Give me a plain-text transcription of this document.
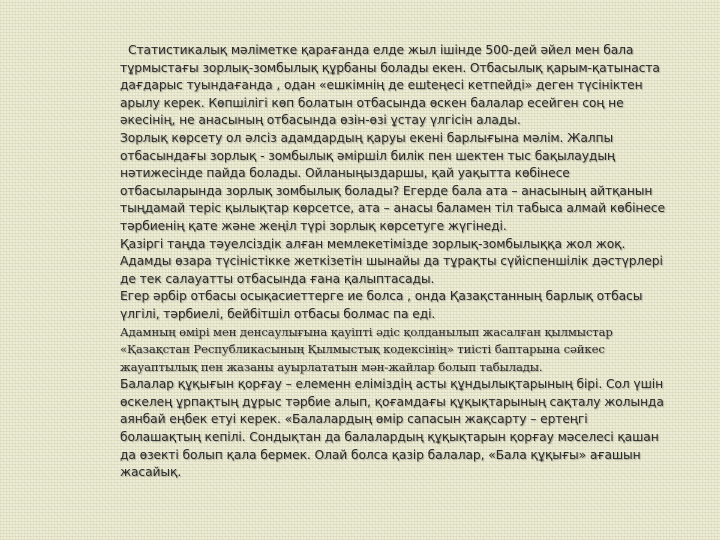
Статистикалық мәліметке қарағанда елде жыл ішінде 500-дей әйел мен бала тұрмыстағы зорлық-зомбылық құрбаны болады екен. Отбасылық қарым-қатынаста дағдарыс туындағанда , одан «ешкімнің де ешteңесі кетпейді» деген түсініктен арылу керек. Көпшілігі көп болатын отбасында өскен балалар есейген соң не әкесінің, не анасының отбасында өзін-өзі ұстау үлгісін алады.

Зорлық көрсету ол әлсіз адамдардың қаруы екені барлығына мәлім. Жалпы отбасындағы зорлық - зомбылық әміршіл билік пен шектен тыс бақылаудың нәтижесінде пайда болады. Ойланыңыздаршы, қай уақытта көбінесе отбасыларында зорлық зомбылық болады? Егерде бала ата – анасының айтқанын тыңдамай теріс қылықтар көрсетсе, ата – анасы баламен тіл табыса алмай көбінесе тәрбиенің қате және жеңіл түрі зорлық көрсетуге жүгінеді.

Қазіргі таңда тәуелсіздік алған мемлекетімізде зорлық-зомбылыққа жол жоқ. Адамды өзара түсіністікке жеткізетін шынайы да тұрақты сүйіспеншілік дәстүрлері де тек салауатты отбасында ғана қалыптасады.

Егер әрбір отбасы осықасиеттерге ие болса , онда Қазақстанның барлық отбасы үлгілі, тәрбиелі, бейбітшіл отбасы болмас па еді.

Адамның өмірі мен денсаулығына қауіпті әдіс қолданылып жасалған қылмыстар «Қазақстан Республикасының Қылмыстық кодексінің» тиісті баптарына сәйкес жауаптылық пен жазаны ауырлататын мән-жайлар болып табылады.

Балалар құқығын қорғау – елеменн еліміздің асты құндылықтарының бірі. Сол үшін өскелең ұрпақтың дұрыс тәрбие алып, қоғамдағы құқықтарының сақталу жолында аянбай еңбек етуі керек. «Балалардың өмір сапасын жақсарту – ертеңгі болашақтың кепілі. Сондықтан да балалардың құқықтарын қорғау мәселесі қашан да өзекті болып қала бермек. Олай болса қазір балалар, «Бала құқығы» ағашын жасайық.
